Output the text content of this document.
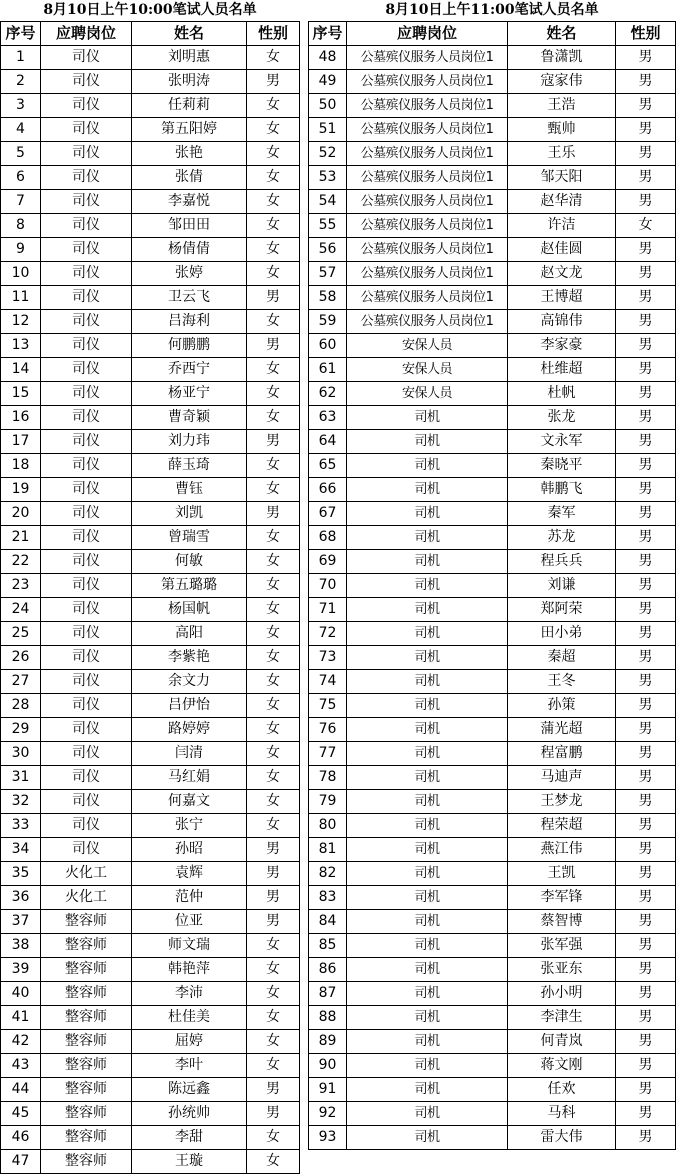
8月10日上午10:00笔试人员名单			
序号	应聘岗位	姓名	性别
1	司仪	刘明惠	女
2	司仪	张明涛	男
3	司仪	任莉莉	女
4	司仪	第五阳婷	女
5	司仪	张艳	女
6	司仪	张倩	女
7	司仪	李嘉悦	女
8	司仪	邹田田	女
9	司仪	杨倩倩	女
10	司仪	张婷	女
11	司仪	卫云飞	男
12	司仪	吕海利	女
13	司仪	何鹏鹏	男
14	司仪	乔西宁	女
15	司仪	杨亚宁	女
16	司仪	曹奇颖	女
17	司仪	刘力玮	男
18	司仪	薛玉琦	女
19	司仪	曹钰	女
20	司仪	刘凯	男
21	司仪	曾瑞雪	女
22	司仪	何敏	女
23	司仪	第五璐璐	女
24	司仪	杨国帆	女
25	司仪	高阳	女
26	司仪	李紫艳	女
27	司仪	余文力	女
28	司仪	吕伊怡	女
29	司仪	路婷婷	女
30	司仪	闫清	女
31	司仪	马红娟	女
32	司仪	何嘉文	女
33	司仪	张宁	女
34	司仪	孙昭	男
35	火化工	袁辉	男
36	火化工	范仲	男
37	整容师	位亚	男
38	整容师	师文瑞	女
39	整容师	韩艳萍	女
40	整容师	李沛	女
41	整容师	杜佳美	女
42	整容师	屈婷	女
43	整容师	李叶	女
44	整容师	陈远鑫	男
45	整容师	孙统帅	男
46	整容师	李甜	女
47	整容师	王璇	女
8月10日上午11:00笔试人员名单			
序号	应聘岗位	姓名	性别
48	公墓殡仪服务人员岗位1	鲁潇凯	男
49	公墓殡仪服务人员岗位1	寇家伟	男
50	公墓殡仪服务人员岗位1	王浩	男
51	公墓殡仪服务人员岗位1	甄帅	男
52	公墓殡仪服务人员岗位1	王乐	男
53	公墓殡仪服务人员岗位1	邹天阳	男
54	公墓殡仪服务人员岗位1	赵华清	男
55	公墓殡仪服务人员岗位1	许洁	女
56	公墓殡仪服务人员岗位1	赵佳圆	男
57	公墓殡仪服务人员岗位1	赵文龙	男
58	公墓殡仪服务人员岗位1	王博超	男
59	公墓殡仪服务人员岗位1	高锦伟	男
60	安保人员	李家豪	男
61	安保人员	杜维超	男
62	安保人员	杜帆	男
63	司机	张龙	男
64	司机	文永军	男
65	司机	秦晓平	男
66	司机	韩鹏飞	男
67	司机	秦军	男
68	司机	苏龙	男
69	司机	程兵兵	男
70	司机	刘谦	男
71	司机	郑阿荣	男
72	司机	田小弟	男
73	司机	秦超	男
74	司机	王冬	男
75	司机	孙策	男
76	司机	蒲光超	男
77	司机	程富鹏	男
78	司机	马迪声	男
79	司机	王梦龙	男
80	司机	程荣超	男
81	司机	燕江伟	男
82	司机	王凯	男
83	司机	李军锋	男
84	司机	蔡智博	男
85	司机	张军强	男
86	司机	张亚东	男
87	司机	孙小明	男
88	司机	李津生	男
89	司机	何青岚	男
90	司机	蒋文刚	男
91	司机	任欢	男
92	司机	马科	男
93	司机	雷大伟	男
